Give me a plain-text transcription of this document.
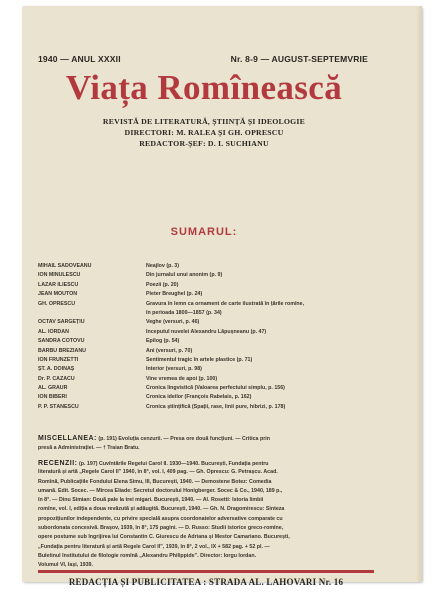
1940 — ANUL XXXII	Nr. 8-9 — AUGUST-SEPTEMVRIE
Viața Romînească
REVISTĂ DE LITERATURĂ, ȘTIINȚĂ ȘI IDEOLOGIE
DIRECTORI: M. RALEA ȘI GH. OPRESCU
REDACTOR-ȘEF: D. I. SUCHIANU
SUMARUL:
MIHAIL SADOVEANU	Neajlov (p. 3)
ION MINULESCU	Din jurnalul unui anonim (p. 9)
LAZĂR ILIESCU	Poezii (p. 20)
JEAN MOUTON	Pieter Breughel (p. 24)
GH. OPRESCU	Gravura în lemn ca ornament de carte ilustrată în țările romîne,
în perioada 1800—1857 (p. 34)
OCTAV SARGEȚIU	Veghe (versuri, p. 46)
AL. IORDAN	Începutul nuvelei Alexandru Lăpușneanu (p. 47)
SANDRA COTOVU	Epilog (p. 54)
BARBU BREZIANU	Ani (versuri, p. 70)
ION FRUNZETTI	Sentimentul tragic în artele plastice (p. 71)
ȘT. A. DOINAȘ	Interior (versuri, p. 98)
Dr. P. CAZACU	Vine vremea de apoi (p. 100)
AL. GRAUR	Cronica lingvistică (Valoarea perfectului simplu, p. 156)
ION BIBERI	Cronica ideilor (François Rabelais, p. 162)
P. P. STĂNESCU	Cronica științifică (Spații, rase, linii pure, hibrizi, p. 178)
MISCELLANEA: (p. 191) Evoluția cenzurii. — Presa ore două funcțiuni. — Critica prin
presă a Administrației. — † Traian Bratu.
RECENZII: (p. 197) Cuvîntările Regelui Carol II. 1930—1940. București, Fundația pentru
literatură și artă „Regele Carol II” 1940, în 8°, vol. I, 409 pag. — Gh. Oprescu: G. Petrașcu. Acad.
Romînă, Publicațiile Fondului Elena Simu, III, București, 1940. — Demostene Botez: Comedia
umană. Edit. Socec. — Mircea Eliade: Secretul doctorului Honigberger. Socec & Co., 1940, 189 p.,
în 8°. — Dinu Simian: Două pale la trei migari. București, 1940. — Al. Rosetti: Istoria limbii
romîne, vol. I, ediția a doua revăzută și adăugită. București, 1940. — Gh. N. Dragomirescu: Sinteza
propozițiunilor independente, cu privire specială asupra coordonatelor adversative comparate cu
subordonata concesivă. Brașov, 1939, în 8°, 175 pagini. — D. Russo: Studii istorice greco-romîne,
opere postume sub îngrijirea lui Constantin C. Giurescu de Adriana și Mestor Camariano. București,
„Fundația pentru literatură și artă Regele Carol II”, 1939, în 8°, 2 vol., IX + 582 pag. + 52 pl. —
Buletinul Institutului de filologie romînă „Alexandru Philippide”. Director: Iorgu Iordan.
Volumul VI, Iași, 1939.
REDACȚIA ȘI PUBLICITATEA : STRADA AL. LAHOVARI Nr. 16
